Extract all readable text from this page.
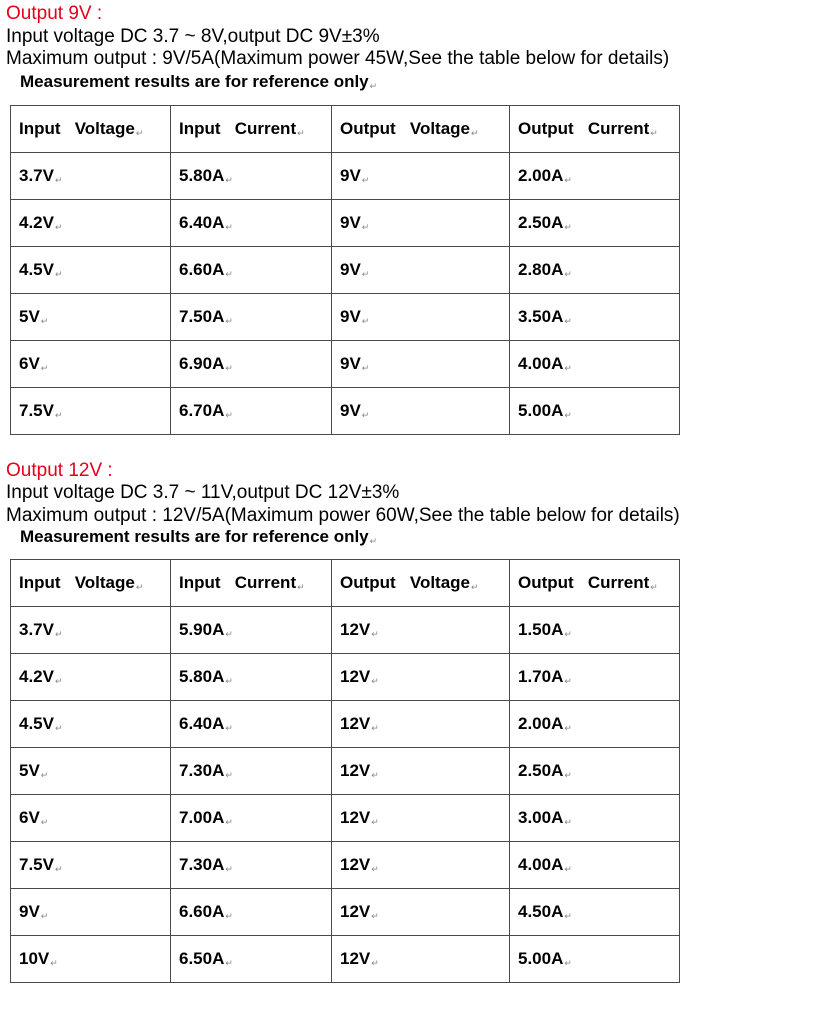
Output 9V :
Input voltage DC 3.7 ~ 8V,output DC 9V±3%
Maximum output : 9V/5A(Maximum power 45W,See the table below for details)
Measurement results are for reference only↵
Input   Voltage↵	Input   Current↵	Output   Voltage↵	Output   Current↵
3.7V↵	5.80A↵	9V↵	2.00A↵
4.2V↵	6.40A↵	9V↵	2.50A↵
4.5V↵	6.60A↵	9V↵	2.80A↵
5V↵	7.50A↵	9V↵	3.50A↵
6V↵	6.90A↵	9V↵	4.00A↵
7.5V↵	6.70A↵	9V↵	5.00A↵
Output 12V :
Input voltage DC 3.7 ~ 11V,output DC 12V±3%
Maximum output : 12V/5A(Maximum power 60W,See the table below for details)
Measurement results are for reference only↵
Input   Voltage↵	Input   Current↵	Output   Voltage↵	Output   Current↵
3.7V↵	5.90A↵	12V↵	1.50A↵
4.2V↵	5.80A↵	12V↵	1.70A↵
4.5V↵	6.40A↵	12V↵	2.00A↵
5V↵	7.30A↵	12V↵	2.50A↵
6V↵	7.00A↵	12V↵	3.00A↵
7.5V↵	7.30A↵	12V↵	4.00A↵
9V↵	6.60A↵	12V↵	4.50A↵
10V↵	6.50A↵	12V↵	5.00A↵
